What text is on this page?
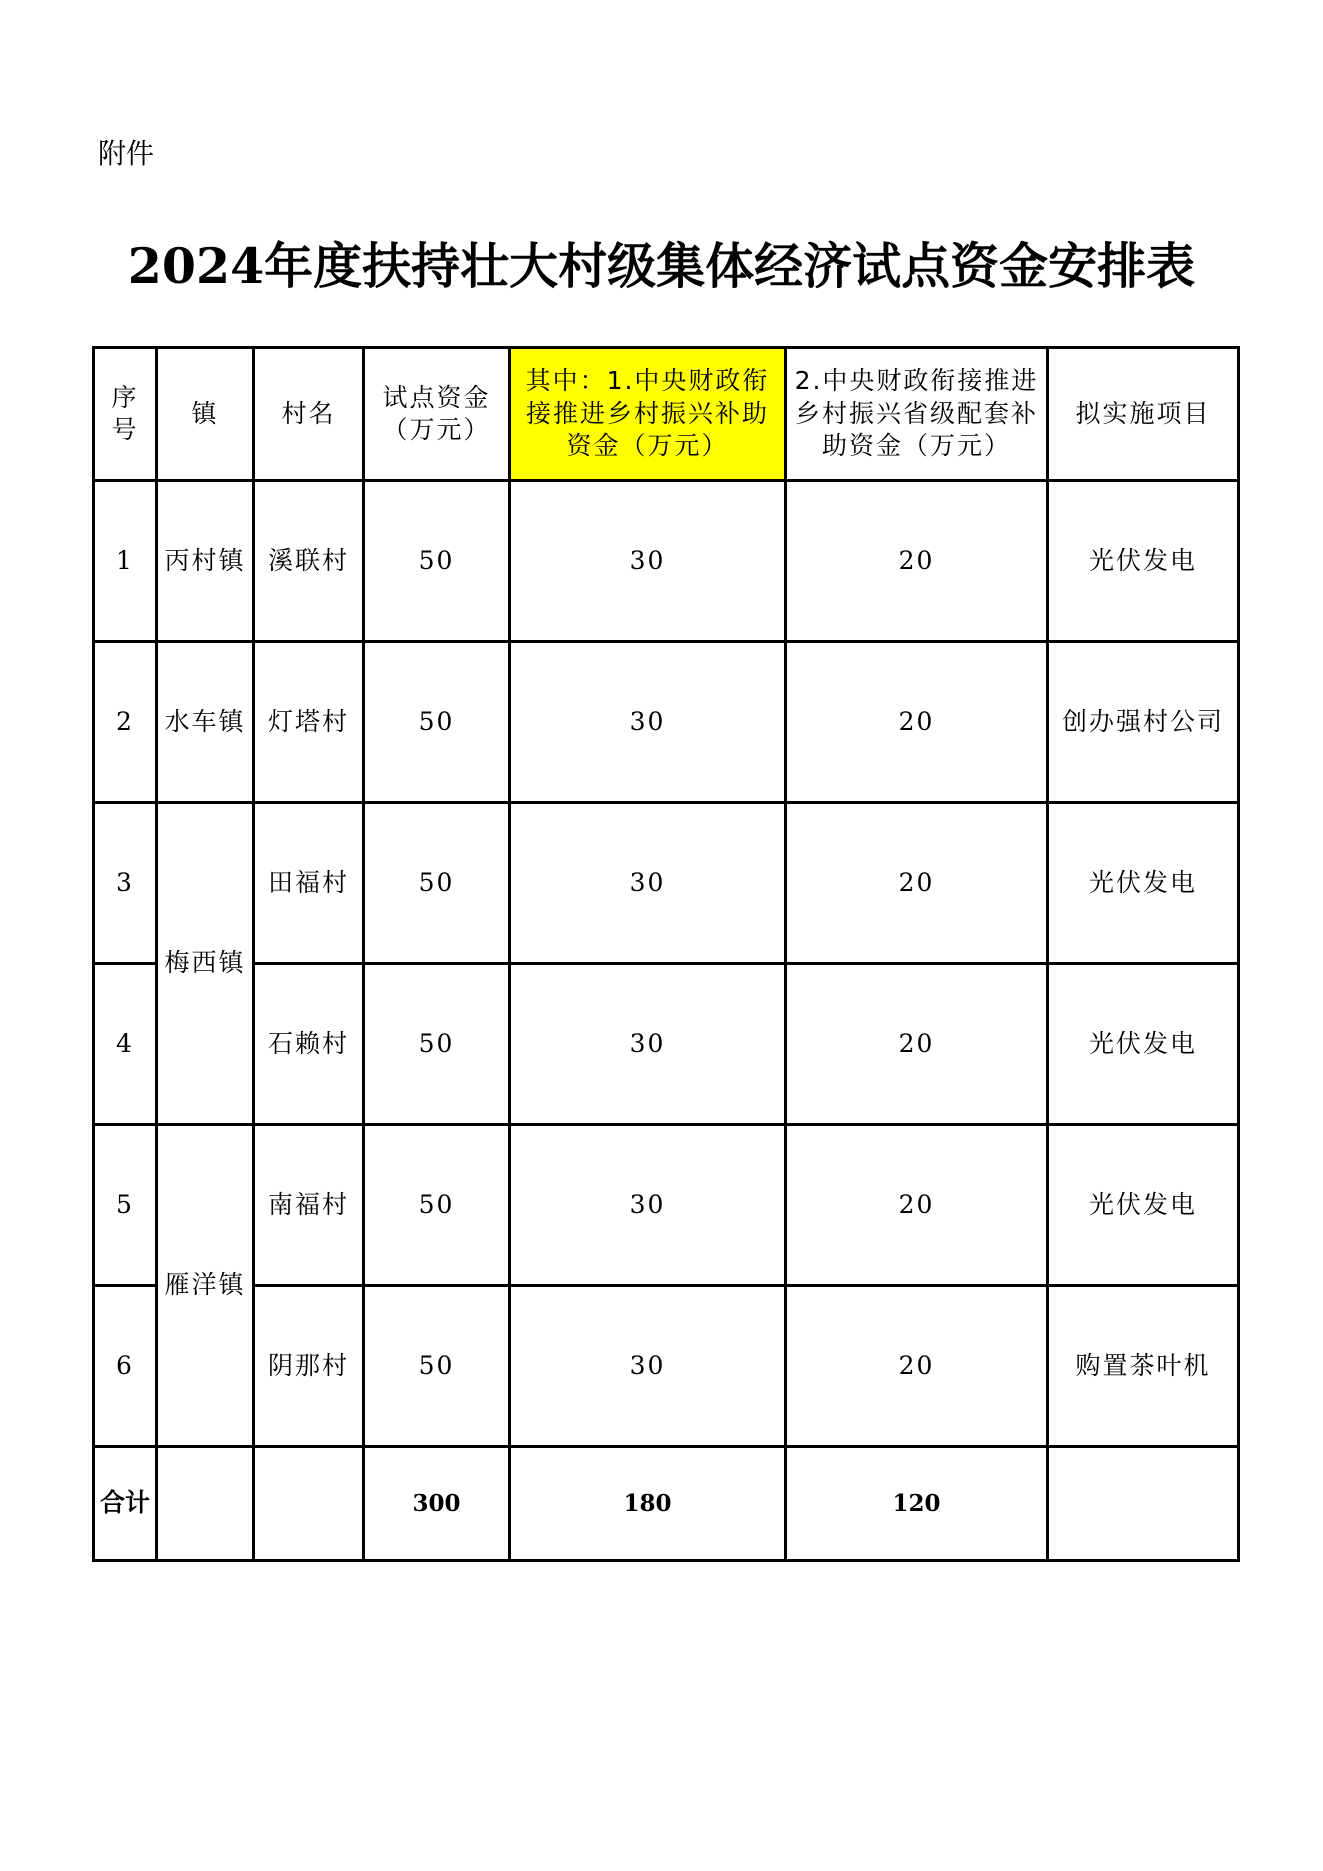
附件
2024年度扶持壮大村级集体经济试点资金安排表
序号	镇	村名	试点资金（万元）	其中：1.中央财政衔接推进乡村振兴补助资金（万元）	2.中央财政衔接推进乡村振兴省级配套补助资金（万元）	拟实施项目
1	丙村镇	溪联村	50	30	20	光伏发电
2	水车镇	灯塔村	50	30	20	创办强村公司
3	梅西镇	田福村	50	30	20	光伏发电
4		石赖村	50	30	20	光伏发电
5	雁洋镇	南福村	50	30	20	光伏发电
6		阴那村	50	30	20	购置茶叶机
合计			300	180	120	
